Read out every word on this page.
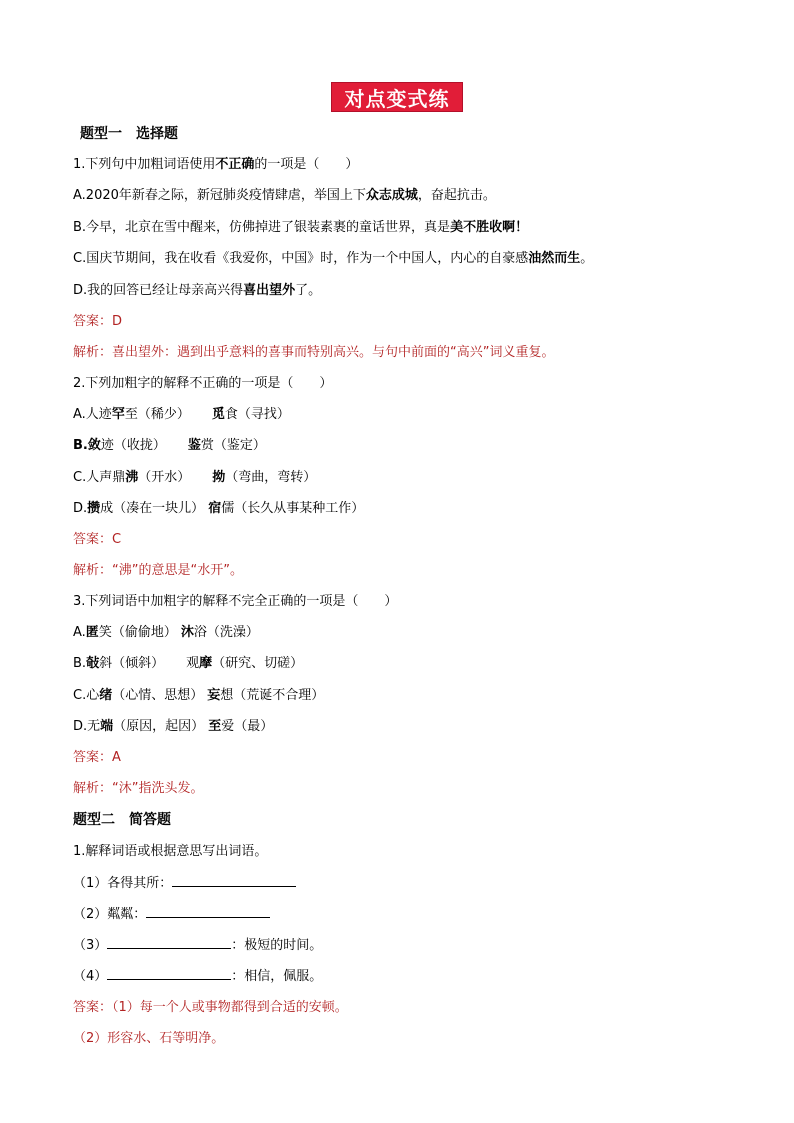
对点变式练
题型一　选择题
1.下列句中加粗词语使用不正确的一项是（　　）
A.2020年新春之际，新冠肺炎疫情肆虐，举国上下众志成城，奋起抗击。
B.今早，北京在雪中醒来，仿佛掉进了银装素裹的童话世界，真是美不胜收啊！
C.国庆节期间，我在收看《我爱你，中国》时，作为一个中国人，内心的自豪感油然而生。
D.我的回答已经让母亲高兴得喜出望外了。
答案：D
解析：喜出望外：遇到出乎意料的喜事而特别高兴。与句中前面的“高兴”词义重复。
2.下列加粗字的解释不正确的一项是（　　）
A.人迹罕至（稀少） 觅食（寻找）
B.敛迹（收拢） 鉴赏（鉴定）
C.人声鼎沸（开水） 拗（弯曲，弯转）
D.攒成（凑在一块儿） 宿儒（长久从事某种工作）
答案：C
解析：“沸”的意思是“水开”。
3.下列词语中加粗字的解释不完全正确的一项是（　　）
A.匿笑（偷偷地） 沐浴（洗澡）
B.敧斜（倾斜） 观摩（研究、切磋）
C.心绪（心情、思想） 妄想（荒诞不合理）
D.无端（原因，起因） 至爱（最）
答案：A
解析：“沐”指洗头发。
题型二　简答题
1.解释词语或根据意思写出词语。
（1）各得其所：
（2）粼粼：
（3）	：极短的时间。
（4）	：相信，佩服。
答案：（1）每一个人或事物都得到合适的安顿。
（2）形容水、石等明净。
